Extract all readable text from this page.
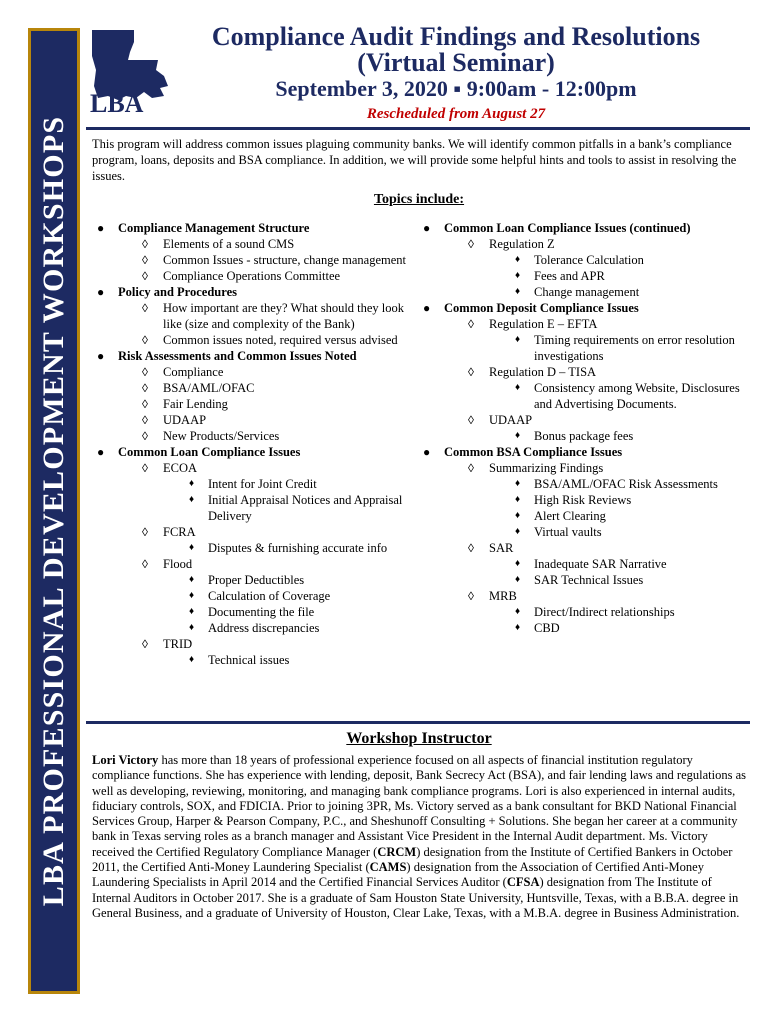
LBA PROFESSIONAL DEVELOPMENT WORKSHOPS
LBA
Compliance Audit Findings and Resolutions
(Virtual Seminar)
September 3, 2020 ▪ 9:00am - 12:00pm
Rescheduled from August 27
This program will address common issues plaguing community banks. We will identify common pitfalls in a bank’s compliance program, loans, deposits and BSA compliance. In addition, we will provide some helpful hints and tools to assist in resolving the issues.
Topics include:
● Compliance Management Structure
◊ Elements of a sound CMS
◊ Common Issues - structure, change management
◊ Compliance Operations Committee
● Policy and Procedures
◊ How important are they? What should they look like (size and complexity of the Bank)
◊ Common issues noted, required versus advised
● Risk Assessments and Common Issues Noted
◊ Compliance
◊ BSA/AML/OFAC
◊ Fair Lending
◊ UDAAP
◊ New Products/Services
● Common Loan Compliance Issues
◊ ECOA
♦ Intent for Joint Credit
♦ Initial Appraisal Notices and Appraisal Delivery
◊ FCRA
♦ Disputes & furnishing accurate info
◊ Flood
♦ Proper Deductibles
♦ Calculation of Coverage
♦ Documenting the file
♦ Address discrepancies
◊ TRID
♦ Technical issues
● Common Loan Compliance Issues (continued)
◊ Regulation Z
♦ Tolerance Calculation
♦ Fees and APR
♦ Change management
● Common Deposit Compliance Issues
◊ Regulation E – EFTA
♦ Timing requirements on error resolution investigations
◊ Regulation D – TISA
♦ Consistency among Website, Disclosures and Advertising Documents.
◊ UDAAP
♦ Bonus package fees
● Common BSA Compliance Issues
◊ Summarizing Findings
♦ BSA/AML/OFAC Risk Assessments
♦ High Risk Reviews
♦ Alert Clearing
♦ Virtual vaults
◊ SAR
♦ Inadequate SAR Narrative
♦ SAR Technical Issues
◊ MRB
♦ Direct/Indirect relationships
♦ CBD
Workshop Instructor
Lori Victory has more than 18 years of professional experience focused on all aspects of financial institution regulatory compliance functions. She has experience with lending, deposit, Bank Secrecy Act (BSA), and fair lending laws and regulations as well as developing, reviewing, monitoring, and managing bank compliance programs. Lori is also experienced in internal audits, fiduciary controls, SOX, and FDICIA. Prior to joining 3PR, Ms. Victory served as a bank consultant for BKD National Financial Services Group, Harper & Pearson Company, P.C., and Sheshunoff Consulting + Solutions. She began her career at a community bank in Texas serving roles as a branch manager and Assistant Vice President in the Internal Audit department. Ms. Victory received the Certified Regulatory Compliance Manager (CRCM) designation from the Institute of Certified Bankers in October 2011, the Certified Anti-Money Laundering Specialist (CAMS) designation from the Association of Certified Anti-Money Laundering Specialists in April 2014 and the Certified Financial Services Auditor (CFSA) designation from The Institute of Internal Auditors in October 2017. She is a graduate of Sam Houston State University, Huntsville, Texas, with a B.B.A. degree in General Business, and a graduate of University of Houston, Clear Lake, Texas, with a M.B.A. degree in Business Administration.
